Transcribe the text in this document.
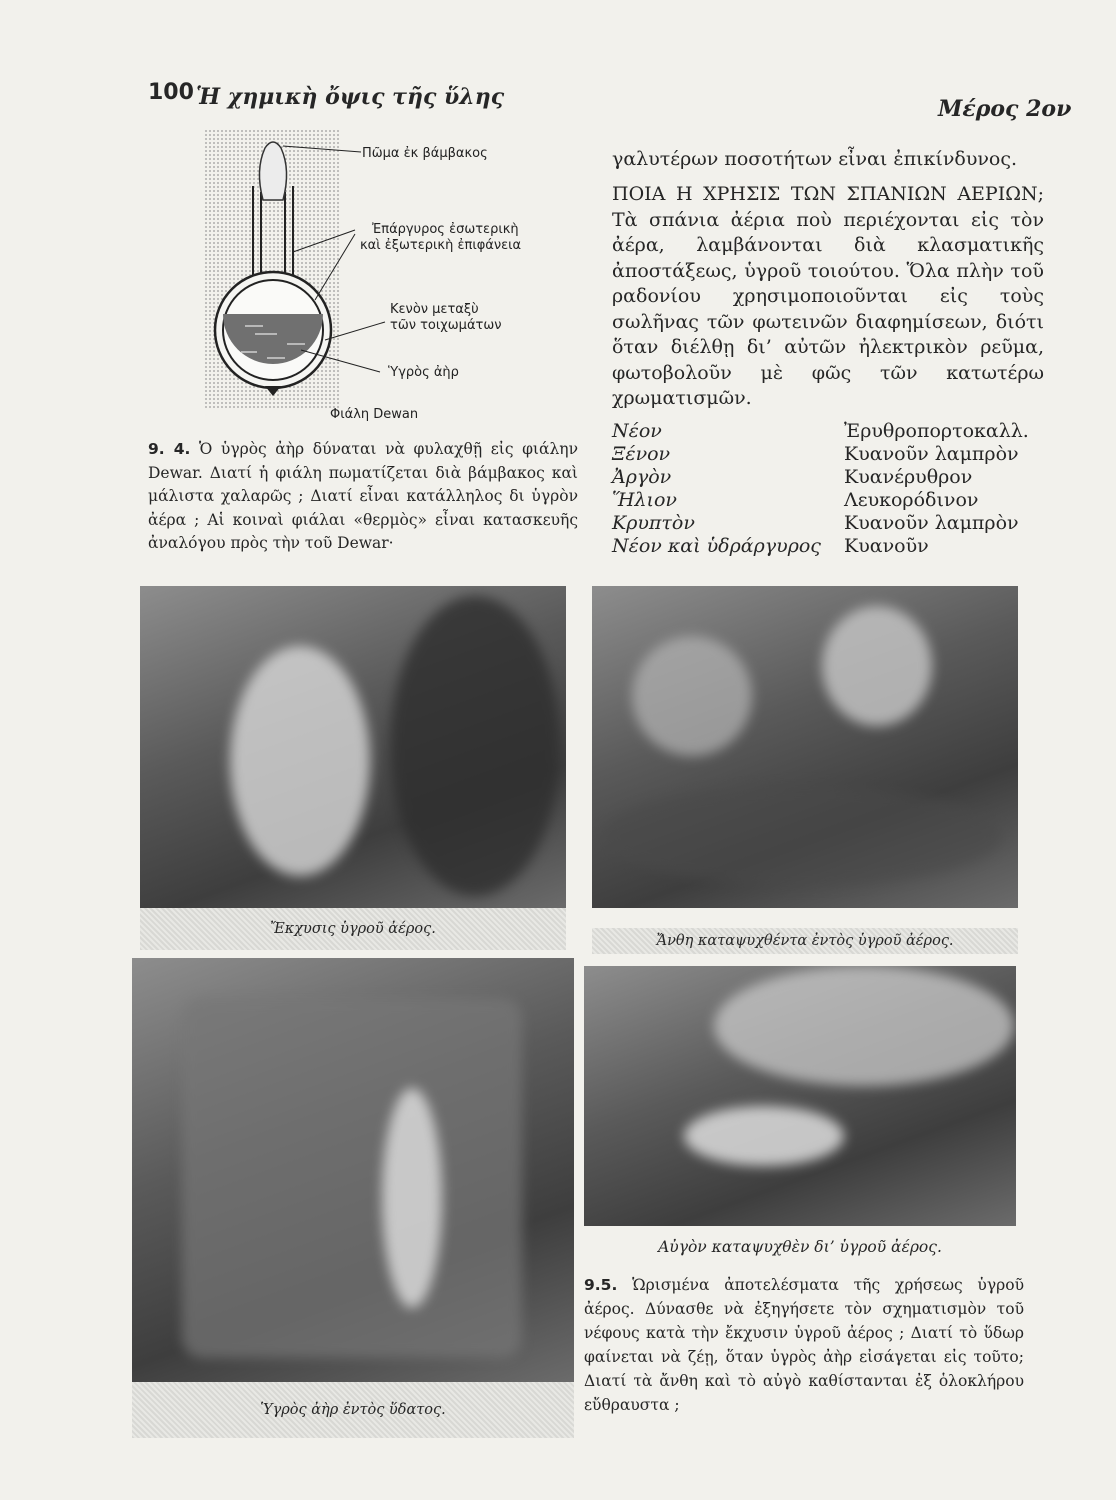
100 Ἡ χημικὴ ὄψις τῆς ὕλης	Μέρος 2ον
Πῶμα ἐκ βάμβακος
Ἐπάργυρος ἐσωτερικὴ
καὶ ἐξωτερικὴ ἐπιφάνεια
Κενὸν μεταξὺ
τῶν τοιχωμάτων
Ὑγρὸς ἀὴρ
Φιάλη Dewan
9. 4. Ὁ ὑγρὸς ἀὴρ δύναται νὰ φυλαχθῇ εἰς φιάλην Dewar. Διατί ἡ φιάλη πωματίζεται διὰ βάμβακος καὶ μάλιστα χαλαρῶς ; Διατί εἶναι κατάλληλος δι ὑγρὸν ἀέρα ; Αἱ κοιναὶ φιάλαι «θερμὸς» εἶναι κατασκευῆς ἀναλόγου πρὸς τὴν τοῦ Dewar·
γαλυτέρων ποσοτήτων εἶναι ἐπικίνδυνος.
ΠΟΙΑ Η ΧΡΗΣΙΣ ΤΩΝ ΣΠΑΝΙΩΝ ΑΕΡΙΩΝ; Τὰ σπάνια ἀέρια ποὺ περιέχονται εἰς τὸν ἀέρα, λαμβάνονται διὰ κλασματικῆς ἀποστάξεως, ὑγροῦ τοιούτου. Ὅλα πλὴν τοῦ ραδονίου χρησιμοποιοῦνται εἰς τοὺς σωλῆνας τῶν φωτεινῶν διαφημίσεων, διότι ὅταν διέλθῃ δι’ αὐτῶν ἠλεκτρικὸν ρεῦμα, φωτοβολοῦν μὲ φῶς τῶν κατωτέρω χρωματισμῶν.
Νέον	Ἐρυθροπορτοκαλλ.
Ξένον	Κυανοῦν λαμπρὸν
Ἀργὸν	Κυανέρυθρον
Ἥλιον	Λευκορόδινον
Κρυπτὸν	Κυανοῦν λαμπρὸν
Νέον καὶ ὑδράργυρος	Κυανοῦν
Ἔκχυσις ὑγροῦ ἀέρος.
Ἄνθη καταψυχθέντα ἐντὸς ὑγροῦ ἀέρος.
Ὑγρὸς ἀὴρ ἐντὸς ὕδατος.
Αὐγὸν καταψυχθὲν δι’ ὑγροῦ ἀέρος.
9.5. Ὡρισμένα ἀποτελέσματα τῆς χρήσεως ὑγροῦ ἀέρος. Δύνασθε νὰ ἐξηγήσετε τὸν σχηματισμὸν τοῦ νέφους κατὰ τὴν ἔκχυσιν ὑγροῦ ἀέρος ; Διατί τὸ ὕδωρ φαίνεται νὰ ζέῃ, ὅταν ὑγρὸς ἀὴρ εἰσάγεται εἰς τοῦτο; Διατί τὰ ἄνθη καὶ τὸ αὐγὸ καθίστανται ἐξ ὁλοκλήρου εὔθραυστα ;
